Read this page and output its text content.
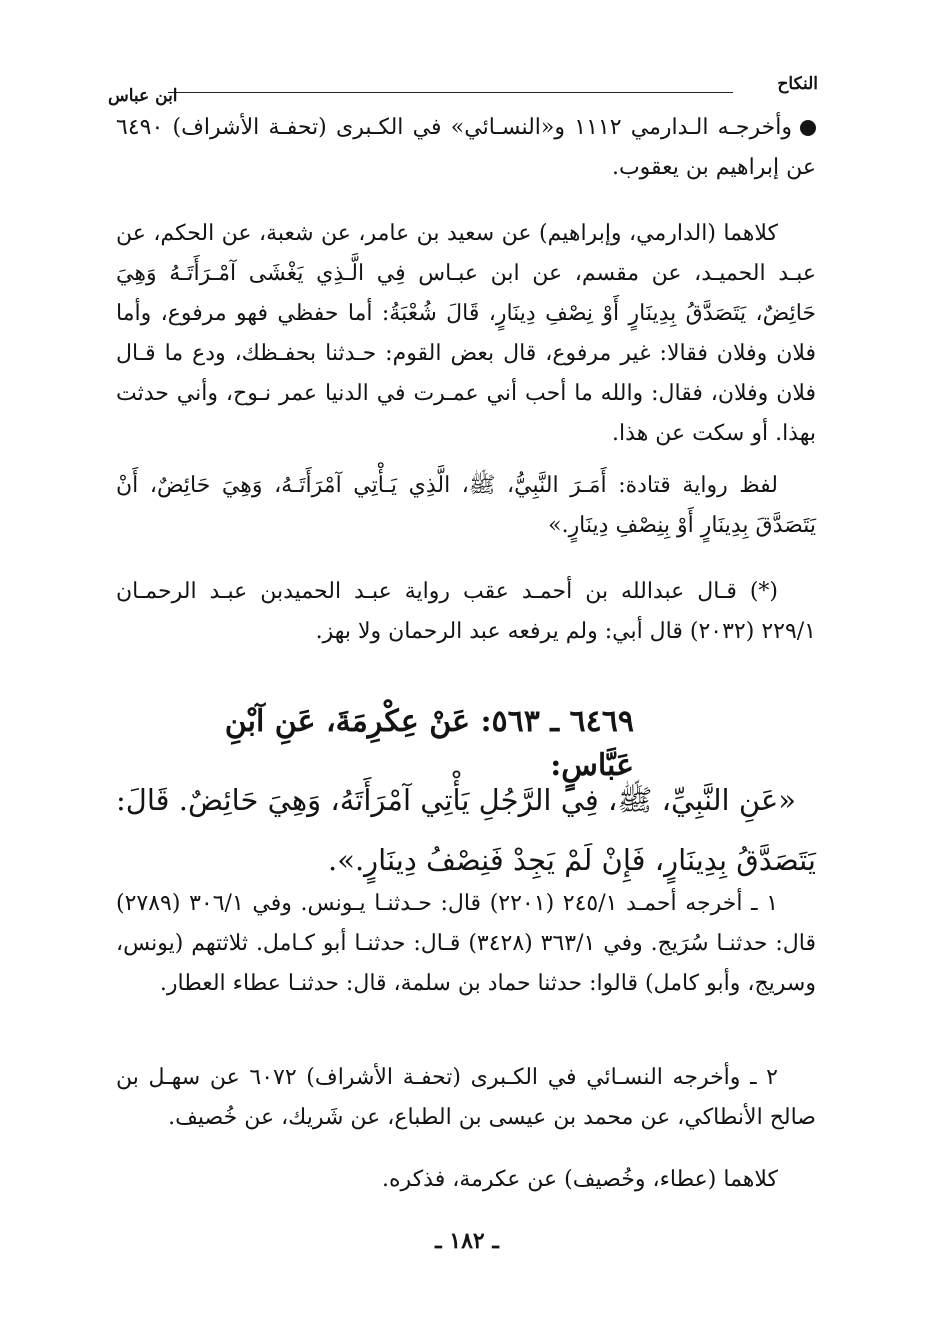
النكاح
ابن عباس

وأخرجـه الـدارمي ١١١٢ و«النسـائي» في الكـبرى (تحفـة الأشراف) ٦٤٩٠ عن إبراهيم بن يعقوب.

كلاهما (الدارمي، وإبراهيم) عن سعيد بن عامر، عن شعبة، عن الحكم، عن عبـد الحميـد، عن مقسم، عن ابن عبـاس فِي الَّـذِي يَغْشَى آمْـرَأَتَـهُ وَهِيَ حَائِضٌ، يَتَصَدَّقُ بِدِينَارٍ أَوْ نِصْفِ دِينَارٍ، قَالَ شُعْبَةُ: أما حفظي فهو مرفوع، وأما فلان وفلان فقالا: غير مرفوع، قال بعض القوم: حـدثنا بحفـظك، ودع ما قـال فلان وفلان، فقال: والله ما أحب أني عمـرت في الدنيا عمر نـوح، وأني حدثت بهذا. أو سكت عن هذا.

لفظ رواية قتادة: أَمَـرَ النَّبِيُّ، ﷺ، الَّذِي يَـأْتِي آمْرَأَتَـهُ، وَهِيَ حَائِضٌ، أَنْ يَتَصَدَّقَ بِدِينَارٍ أَوْ بِنِصْفِ دِينَارٍ.»

(*) قـال عبدالله بن أحمـد عقب رواية عبـد الحميدبن عبـد الرحمـان ٢٢٩/١ (٢٠٣٢) قال أبي: ولم يرفعه عبد الرحمان ولا بهز.

٦٤٦٩ ـ ٥٦٣: عَنْ عِكْرِمَةَ، عَنِ آبْنِ عَبَّاسٍ:

«عَنِ النَّبِيِّ، ﷺ، فِي الرَّجُلِ يَأْتِي آمْرَأَتَهُ، وَهِيَ حَائِضٌ. قَالَ: يَتَصَدَّقُ بِدِينَارٍ، فَإِنْ لَمْ يَجِدْ فَنِصْفُ دِينَارٍ.».

١ ـ أخرجه أحمـد ٢٤٥/١ (٢٢٠١) قال: حـدثنـا يـونس. وفي ٣٠٦/١ (٢٧٨٩) قال: حدثنـا سُرَيج. وفي ٣٦٣/١ (٣٤٢٨) قـال: حدثنـا أبو كـامل. ثلاثتهم (يونس، وسريج، وأبو كامل) قالوا: حدثنا حماد بن سلمة، قال: حدثنـا عطاء العطار.

٢ ـ وأخرجه النسـائي في الكـبرى (تحفـة الأشراف) ٦٠٧٢ عن سهـل بن صالح الأنطاكي، عن محمد بن عيسى بن الطباع، عن شَريك، عن خُصيف.

كلاهما (عطاء، وخُصيف) عن عكرمة، فذكره.

ـ ١٨٢ ـ
